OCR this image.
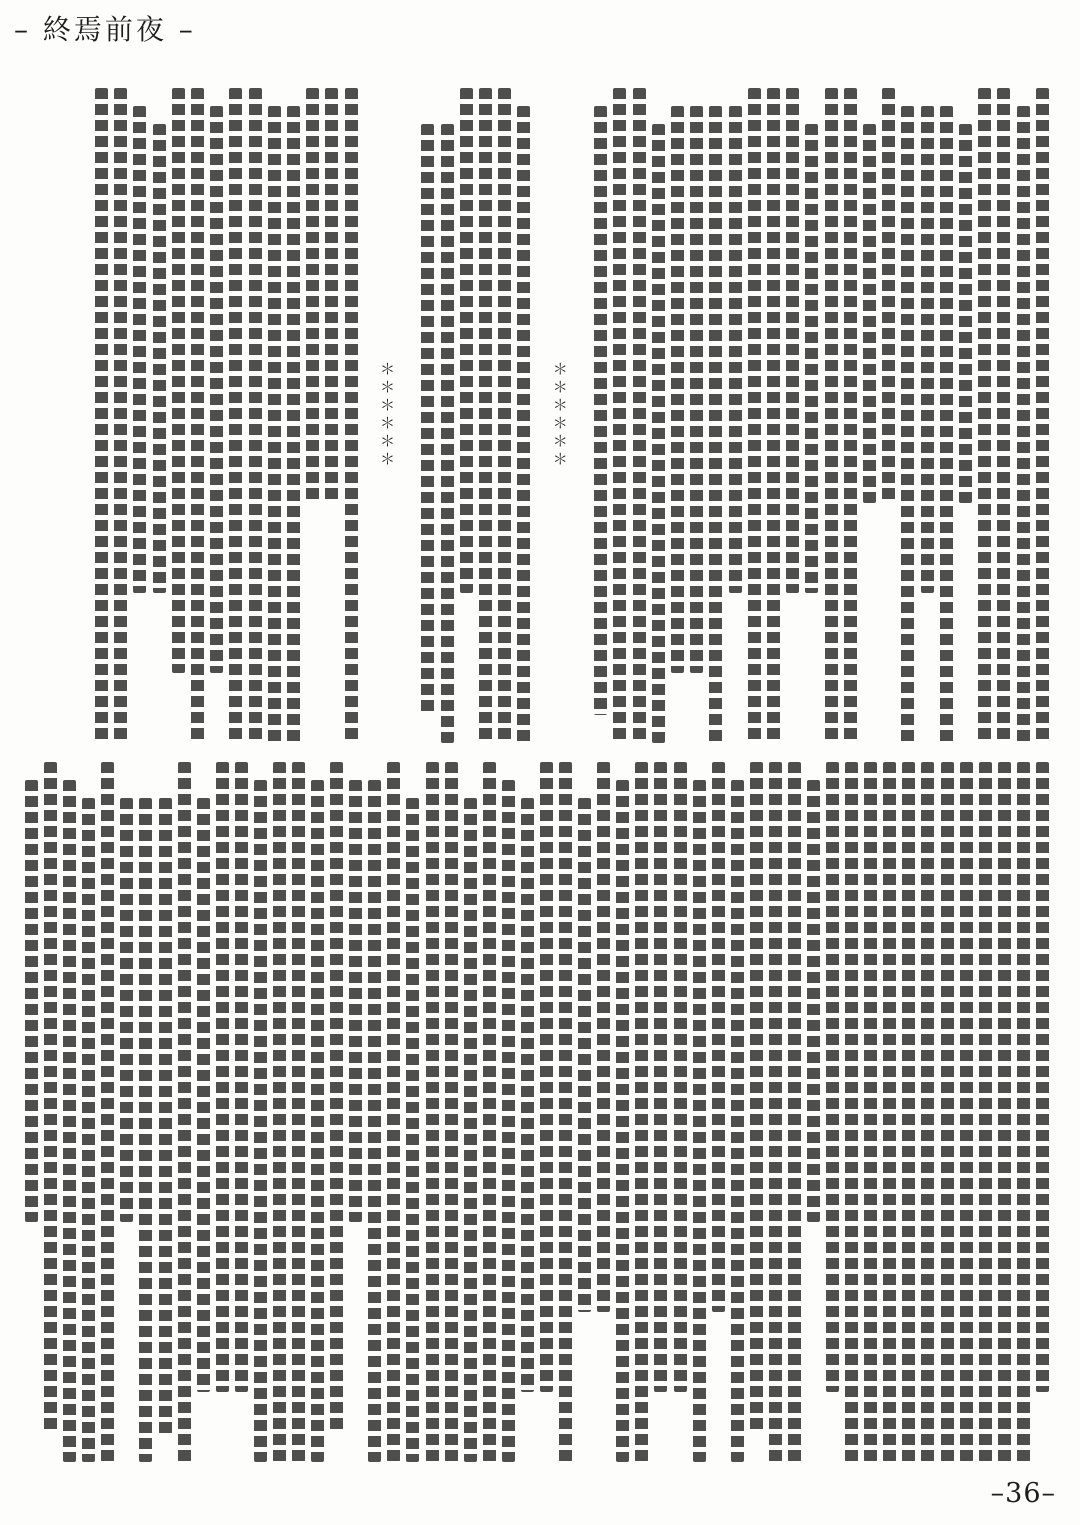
– 終焉前夜 –
＊＊＊＊＊＊
＊＊＊＊＊＊
–36–
